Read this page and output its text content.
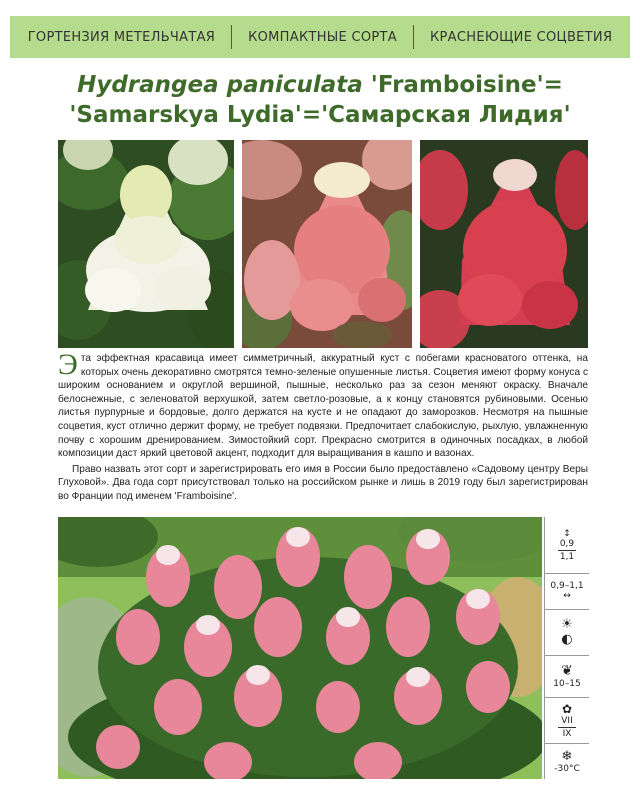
ГОРТЕНЗИЯ МЕТЕЛЬЧАТАЯ	КОМПАКТНЫЕ СОРТА	КРАСНЕЮЩИЕ СОЦВЕТИЯ
Hydrangea paniculata 'Framboisine'=
'Samarskya Lydia'='Самарская Лидия'

Эта эффектная красавица имеет симметричный, аккуратный куст с побегами красноватого оттенка, на которых очень декоративно смотрятся темно-зеленые опушенные листья. Соцветия имеют форму конуса с широким основанием и округлой вершиной, пышные, несколько раз за сезон меняют окраску. Вначале белоснежные, с зеленоватой верхушкой, затем светло-розовые, а к концу становятся рубиновыми. Осенью листья пурпурные и бордовые, долго держатся на кусте и не опадают до заморозков. Несмотря на пышные соцветия, куст отлично держит форму, не требует подвязки. Предпочитает слабокислую, рыхлую, увлажненную почву с хорошим дренированием. Зимостойкий сорт. Прекрасно смотрится в одиночных посадках, в любой композиции даст яркий цветовой акцент, подходит для выращивания в кашпо и вазонах.

Право назвать этот сорт и зарегистрировать его имя в России было предоставлено «Садовому центру Веры Глуховой». Два года сорт присутствовал только на российском рынке и лишь в 2019 году был зарегистрирован во Франции под именем 'Framboisine'.

↕
0,9
1,1
0,9–1,1
↔
☀
◐
❦
10–15
✿
VII
IX
❄
-30°C
